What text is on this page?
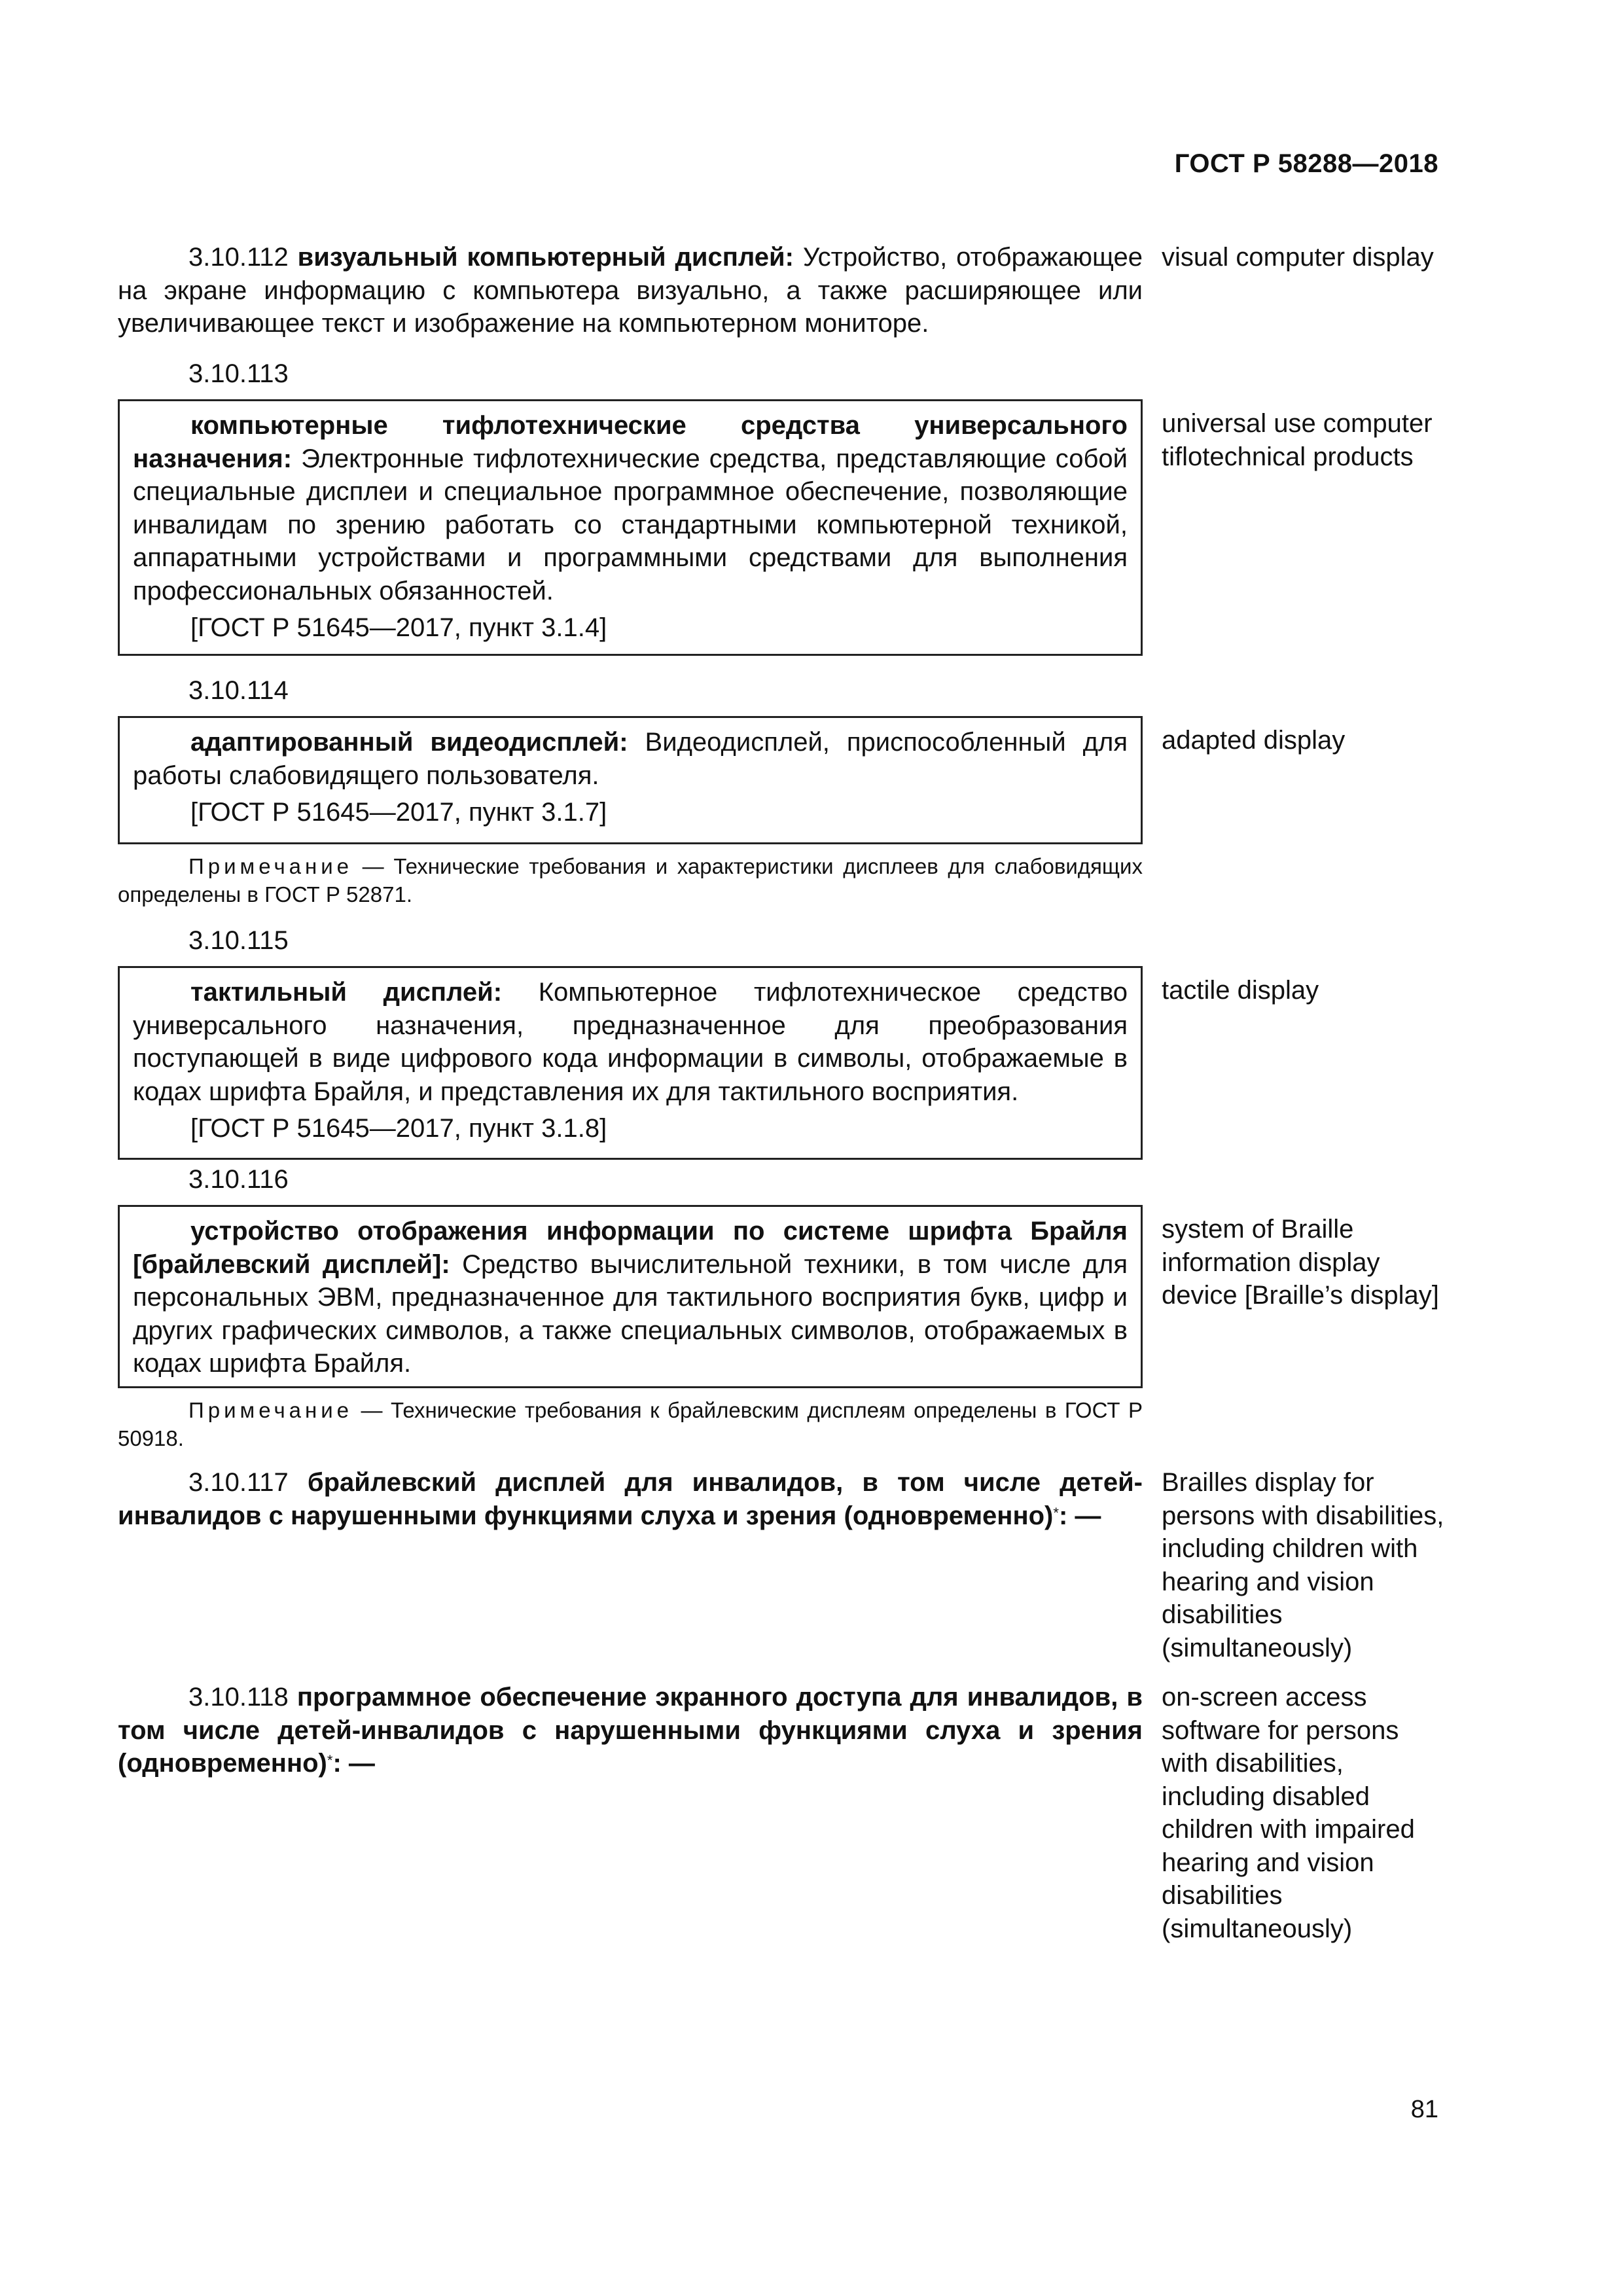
ГОСТ Р 58288—2018
3.10.112 визуальный компьютерный дисплей: Устройство, отображающее на экране информацию с компьютера визуально, а также расширяющее или увеличивающее текст и изображение на компьютерном мониторе.
visual computer display
3.10.113
компьютерные тифлотехнические средства универсального назначения: Электронные тифлотехнические средства, представляющие собой специальные дисплеи и специальное программное обеспечение, позволяющие инвалидам по зрению работать со стандартными компьютерной техникой, аппаратными устройствами и программными средствами для выполнения профессиональных обязанностей.
[ГОСТ Р 51645—2017, пункт 3.1.4]
universal use computer tiflotechnical products
3.10.114
адаптированный видеодисплей: Видеодисплей, приспособленный для работы слабовидящего пользователя.
[ГОСТ Р 51645—2017, пункт 3.1.7]
adapted display
Примечание — Технические требования и характеристики дисплеев для слабовидящих определены в ГОСТ Р 52871.
3.10.115
тактильный дисплей: Компьютерное тифлотехническое средство универсального назначения, предназначенное для преобразования поступающей в виде цифрового кода информации в символы, отображаемые в кодах шрифта Брайля, и представления их для тактильного восприятия.
[ГОСТ Р 51645—2017, пункт 3.1.8]
tactile display
3.10.116
устройство отображения информации по системе шрифта Брайля [брайлевский дисплей]: Средство вычислительной техники, в том числе для персональных ЭВМ, предназначенное для тактильного восприятия букв, цифр и других графических символов, а также специальных символов, отображаемых в кодах шрифта Брайля.
system of Braille information display device [Braille’s display]
Примечание — Технические требования к брайлевским дисплеям определены в ГОСТ Р 50918.
3.10.117 брайлевский дисплей для инвалидов, в том числе детей-инвалидов с нарушенными функциями слуха и зрения (одновременно)*: —
Brailles display for persons with disabilities, including children with hearing and vision disabilities (simultaneously)
3.10.118 программное обеспечение экранного доступа для инвалидов, в том числе детей-инвалидов с нарушенными функциями слуха и зрения (одновременно)*: —
on-screen access software for persons with disabilities, including disabled children with impaired hearing and vision disabilities (simultaneously)
81
